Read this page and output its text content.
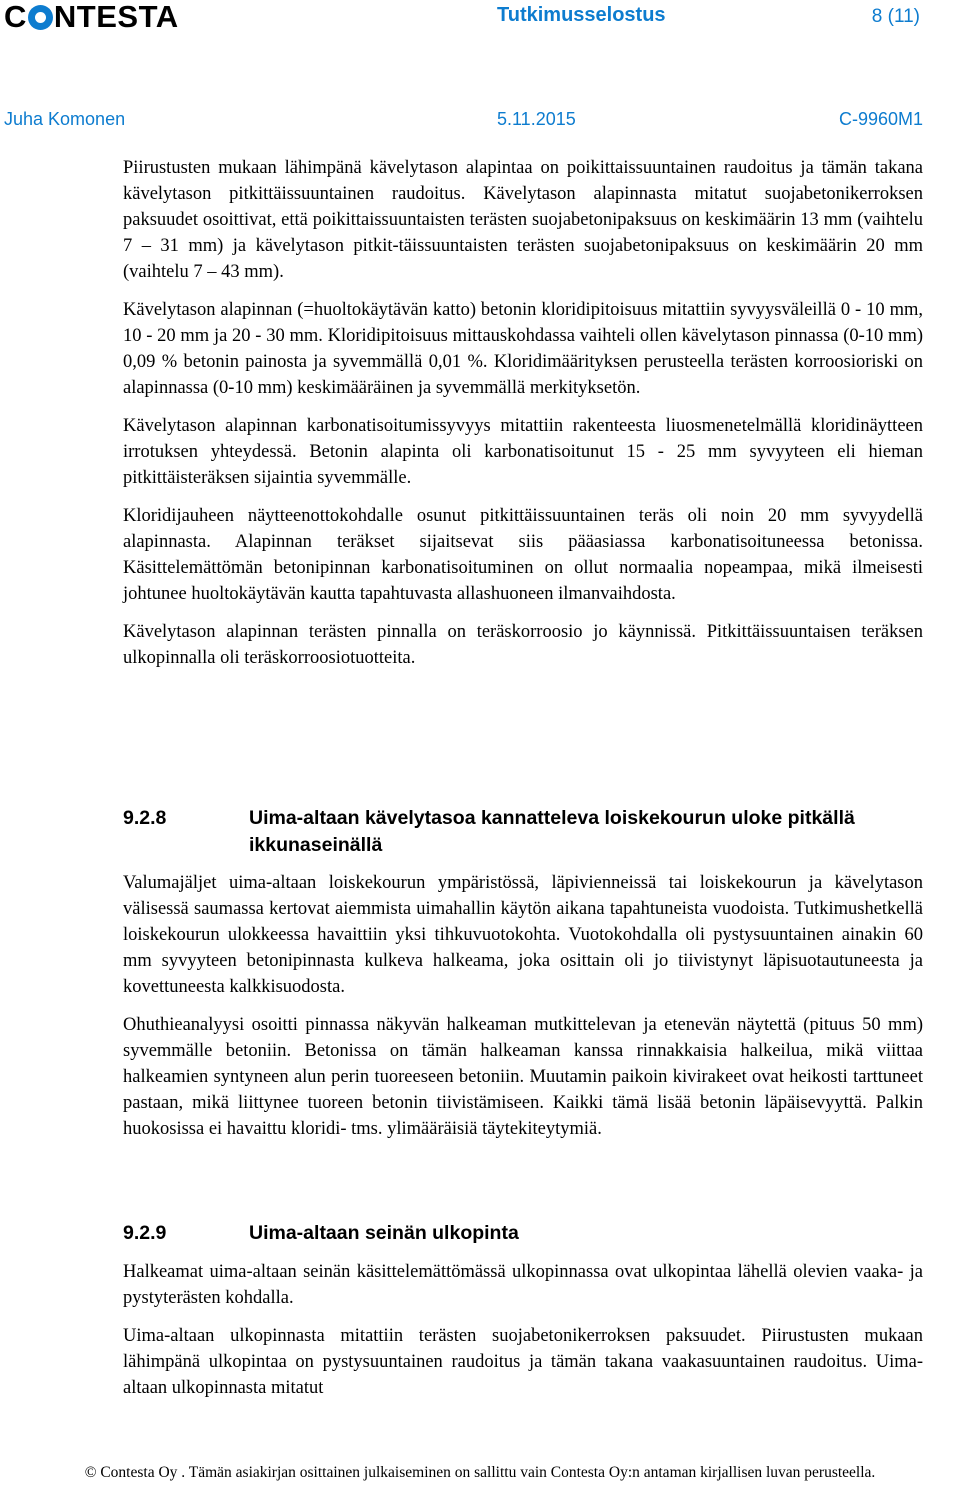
C NTESTA	Tutkimusselostus	8 (11)
Juha Komonen	5.11.2015	C-9960M1

Piirustusten mukaan lähimpänä kävelytason alapintaa on poikittaissuuntainen raudoitus ja tämän takana kävelytason pitkittäissuuntainen raudoitus. Kävelytason alapinnasta mitatut suojabetonikerroksen paksuudet osoittivat, että poikittaissuuntaisten terästen suojabetonipaksuus on keskimäärin 13 mm (vaihtelu 7 – 31 mm) ja kävelytason pitkit-täissuuntaisten terästen suojabetonipaksuus on keskimäärin 20 mm (vaihtelu 7 – 43 mm).

Kävelytason alapinnan (=huoltokäytävän katto) betonin kloridipitoisuus mitattiin syvyysväleillä 0 - 10 mm, 10 - 20 mm ja 20 - 30 mm. Kloridipitoisuus mittauskohdassa vaihteli ollen kävelytason pinnassa (0-10 mm) 0,09 % betonin painosta ja syvemmällä 0,01 %. Kloridimäärityksen perusteella terästen korroosioriski on alapinnassa (0-10 mm) keskimääräinen ja syvemmällä merkityksetön.

Kävelytason alapinnan karbonatisoitumissyvyys mitattiin rakenteesta liuosmenetelmällä kloridinäytteen irrotuksen yhteydessä. Betonin alapinta oli karbonatisoitunut 15 - 25 mm syvyyteen eli hieman pitkittäisteräksen sijaintia syvemmälle.

Kloridijauheen näytteenottokohdalle osunut pitkittäissuuntainen teräs oli noin 20 mm syvyydellä alapinnasta. Alapinnan teräkset sijaitsevat siis pääasiassa karbonatisoituneessa betonissa. Käsittelemättömän betonipinnan karbonatisoituminen on ollut normaalia nopeampaa, mikä ilmeisesti johtunee huoltokäytävän kautta tapahtuvasta allashuoneen ilmanvaihdosta.

Kävelytason alapinnan terästen pinnalla on teräskorroosio jo käynnissä. Pitkittäissuuntaisen teräksen ulkopinnalla oli teräskorroosiotuotteita.

9.2.8	Uima-altaan kävelytasoa kannatteleva loiskekourun uloke pitkällä ikkunaseinällä

Valumajäljet uima-altaan loiskekourun ympäristössä, läpivienneissä tai loiskekourun ja kävelytason välisessä saumassa kertovat aiemmista uimahallin käytön aikana tapahtuneista vuodoista. Tutkimushetkellä loiskekourun ulokkeessa havaittiin yksi tihkuvuotokohta. Vuotokohdalla oli pystysuuntainen ainakin 60 mm syvyyteen betonipinnasta kulkeva halkeama, joka osittain oli jo tiivistynyt läpisuotautuneesta ja kovettuneesta kalkkisuodosta.

Ohuthieanalyysi osoitti pinnassa näkyvän halkeaman mutkittelevan ja etenevän näytettä (pituus 50 mm) syvemmälle betoniin. Betonissa on tämän halkeaman kanssa rinnakkaisia halkeilua, mikä viittaa halkeamien syntyneen alun perin tuoreeseen betoniin. Muutamin paikoin kivirakeet ovat heikosti tarttuneet pastaan, mikä liittynee tuoreen betonin tiivistämiseen. Kaikki tämä lisää betonin läpäisevyyttä. Palkin huokosissa ei havaittu kloridi- tms. ylimääräisiä täytekiteytymiä.

9.2.9	Uima-altaan seinän ulkopinta

Halkeamat uima-altaan seinän käsittelemättömässä ulkopinnassa ovat ulkopintaa lähellä olevien vaaka- ja pystyterästen kohdalla.

Uima-altaan ulkopinnasta mitattiin terästen suojabetonikerroksen paksuudet. Piirustusten mukaan lähimpänä ulkopintaa on pystysuuntainen raudoitus ja tämän takana vaakasuuntainen raudoitus. Uima-altaan ulkopinnasta mitatut

© Contesta Oy . Tämän asiakirjan osittainen julkaiseminen on sallittu vain Contesta Oy:n antaman kirjallisen luvan perusteella.
